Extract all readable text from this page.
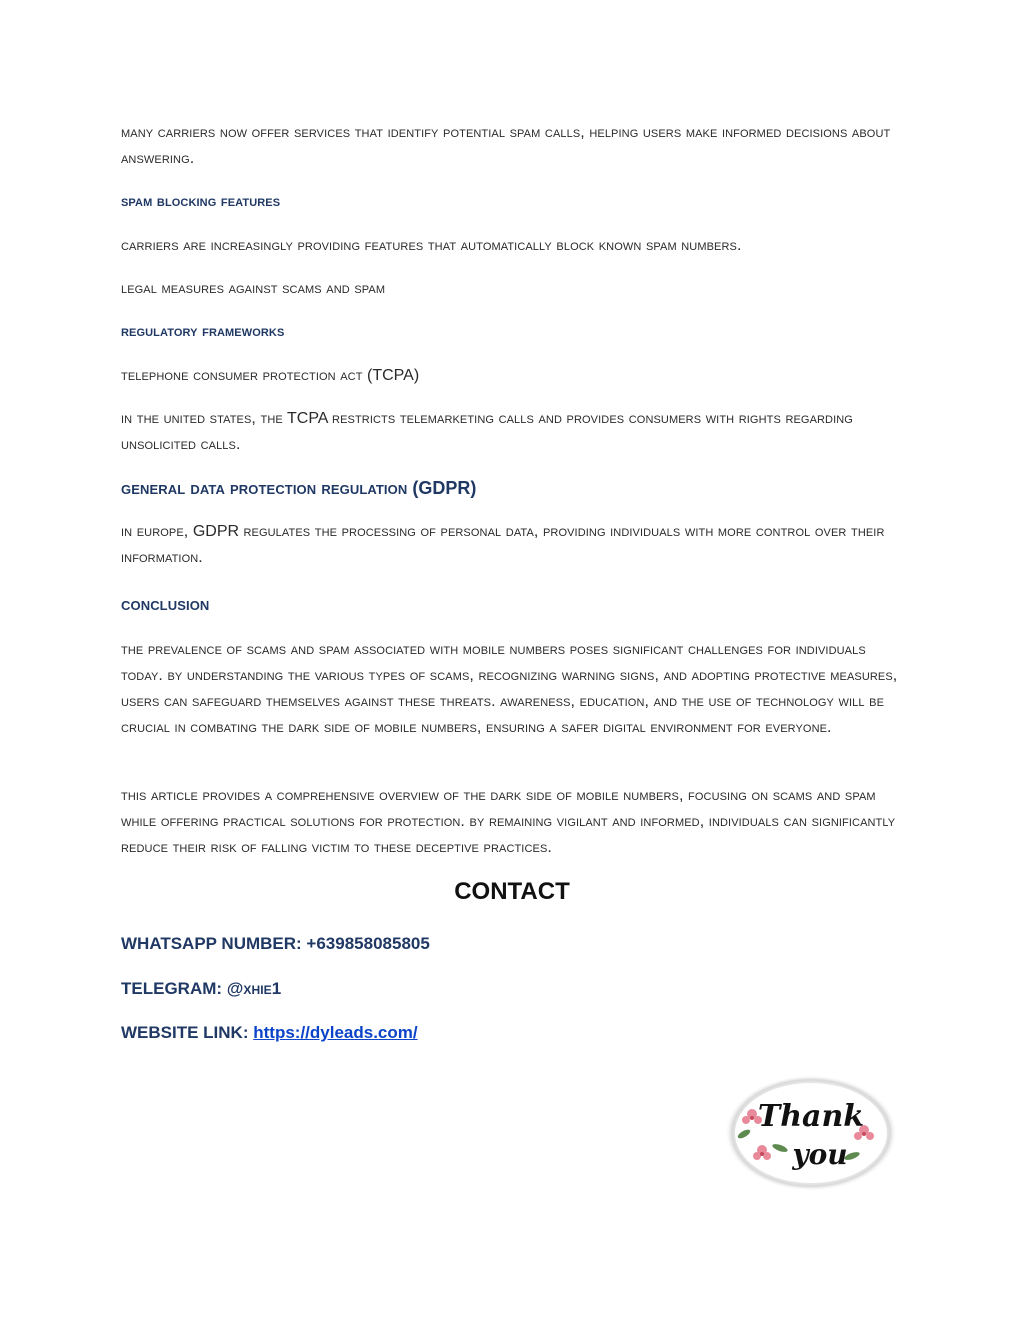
many carriers now offer services that identify potential spam calls, helping users make informed decisions about answering.

spam blocking features

carriers are increasingly providing features that automatically block known spam numbers.

legal measures against scams and spam

regulatory frameworks

telephone consumer protection act (TCPA)

in the united states, the TCPA restricts telemarketing calls and provides consumers with rights regarding unsolicited calls.

general data protection regulation (GDPR)

in europe, GDPR regulates the processing of personal data, providing individuals with more control over their information.

conclusion

the prevalence of scams and spam associated with mobile numbers poses significant challenges for individuals today. by understanding the various types of scams, recognizing warning signs, and adopting protective measures, users can safeguard themselves against these threats. awareness, education, and the use of technology will be crucial in combating the dark side of mobile numbers, ensuring a safer digital environment for everyone.

this article provides a comprehensive overview of the dark side of mobile numbers, focusing on scams and spam while offering practical solutions for protection. by remaining vigilant and informed, individuals can significantly reduce their risk of falling victim to these deceptive practices.

CONTACT

WHATSAPP NUMBER: +639858085805

TELEGRAM: @xhie1

WEBSITE LINK: https://dyleads.com/

Thank
you
